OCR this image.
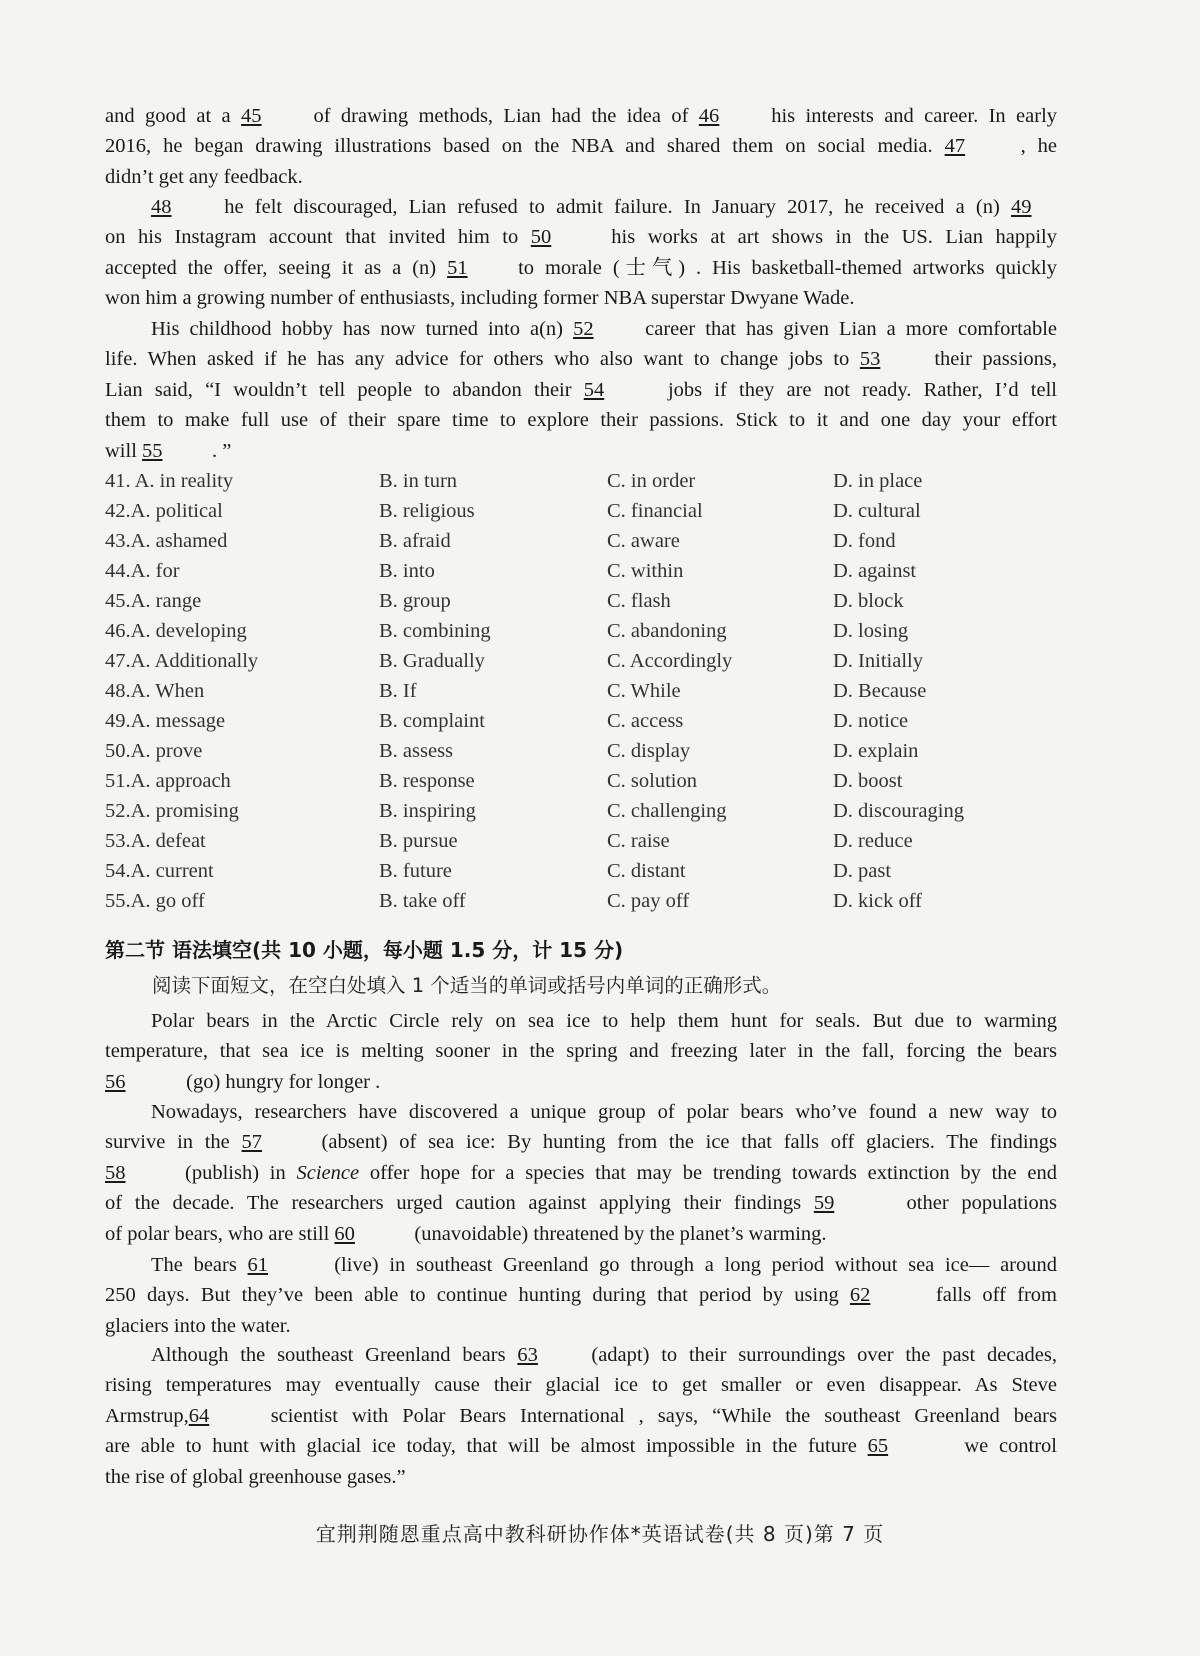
and good at a 45	of drawing methods, Lian had the idea of 46	his interests and career. In early
2016, he began drawing illustrations based on the NBA and shared them on social media. 47	, he
didn’t get any feedback.

48	he felt discouraged, Lian refused to admit failure. In January 2017, he received a (n) 49
on his Instagram account that invited him to 50	his works at art shows in the US. Lian happily
accepted the offer, seeing it as a (n) 51 to morale (士气) . His basketball-themed artworks quickly
won him a growing number of enthusiasts, including former NBA superstar Dwyane Wade.

His childhood hobby has now turned into a(n) 52	career that has given Lian a more comfortable
life. When asked if he has any advice for others who also want to change jobs to 53	their passions,
Lian said, “I wouldn’t tell people to abandon their 54	jobs if they are not ready. Rather, I’d tell
them to make full use of their spare time to explore their passions. Stick to it and one day your effort
will 55 . ”

41. A. in reality	B. in turn	C. in order	D. in place
42.A. political	B. religious	C. financial	D. cultural
43.A. ashamed	B. afraid	C. aware	D. fond
44.A. for	B. into	C. within	D. against
45.A. range	B. group	C. flash	D. block
46.A. developing	B. combining	C. abandoning	D. losing
47.A. Additionally	B. Gradually	C. Accordingly	D. Initially
48.A. When	B. If	C. While	D. Because
49.A. message	B. complaint	C. access	D. notice
50.A. prove	B. assess	C. display	D. explain
51.A. approach	B. response	C. solution	D. boost
52.A. promising	B. inspiring	C. challenging	D. discouraging
53.A. defeat	B. pursue	C. raise	D. reduce
54.A. current	B. future	C. distant	D. past
55.A. go off	B. take off	C. pay off	D. kick off
第二节 语法填空(共 10 小题，每小题 1.5 分，计 15 分)
阅读下面短文，在空白处填入 1 个适当的单词或括号内单词的正确形式。

Polar bears in the Arctic Circle rely on sea ice to help them hunt for seals. But due to warming
temperature, that sea ice is melting sooner in the spring and freezing later in the fall, forcing the bears
56	(go) hungry for longer .

Nowadays, researchers have discovered a unique group of polar bears who’ve found a new way to
survive in the 57	(absent) of sea ice: By hunting from the ice that falls off glaciers. The findings
58	(publish) in Science offer hope for a species that may be trending towards extinction by the end
of the decade. The researchers urged caution against applying their findings 59	other populations
of polar bears, who are still 60	(unavoidable) threatened by the planet’s warming.

The bears 61	(live) in southeast Greenland go through a long period without sea ice— around
250 days. But they’ve been able to continue hunting during that period by using 62	falls off from
glaciers into the water.

Although the southeast Greenland bears 63	(adapt) to their surroundings over the past decades,
rising temperatures may eventually cause their glacial ice to get smaller or even disappear. As Steve
Armstrup,64	scientist with Polar Bears International , says, “While the southeast Greenland bears
are able to hunt with glacial ice today, that will be almost impossible in the future 65	we control
the rise of global greenhouse gases.”

宜荆荆随恩重点高中教科研协作体*英语试卷(共 8 页)第 7 页
